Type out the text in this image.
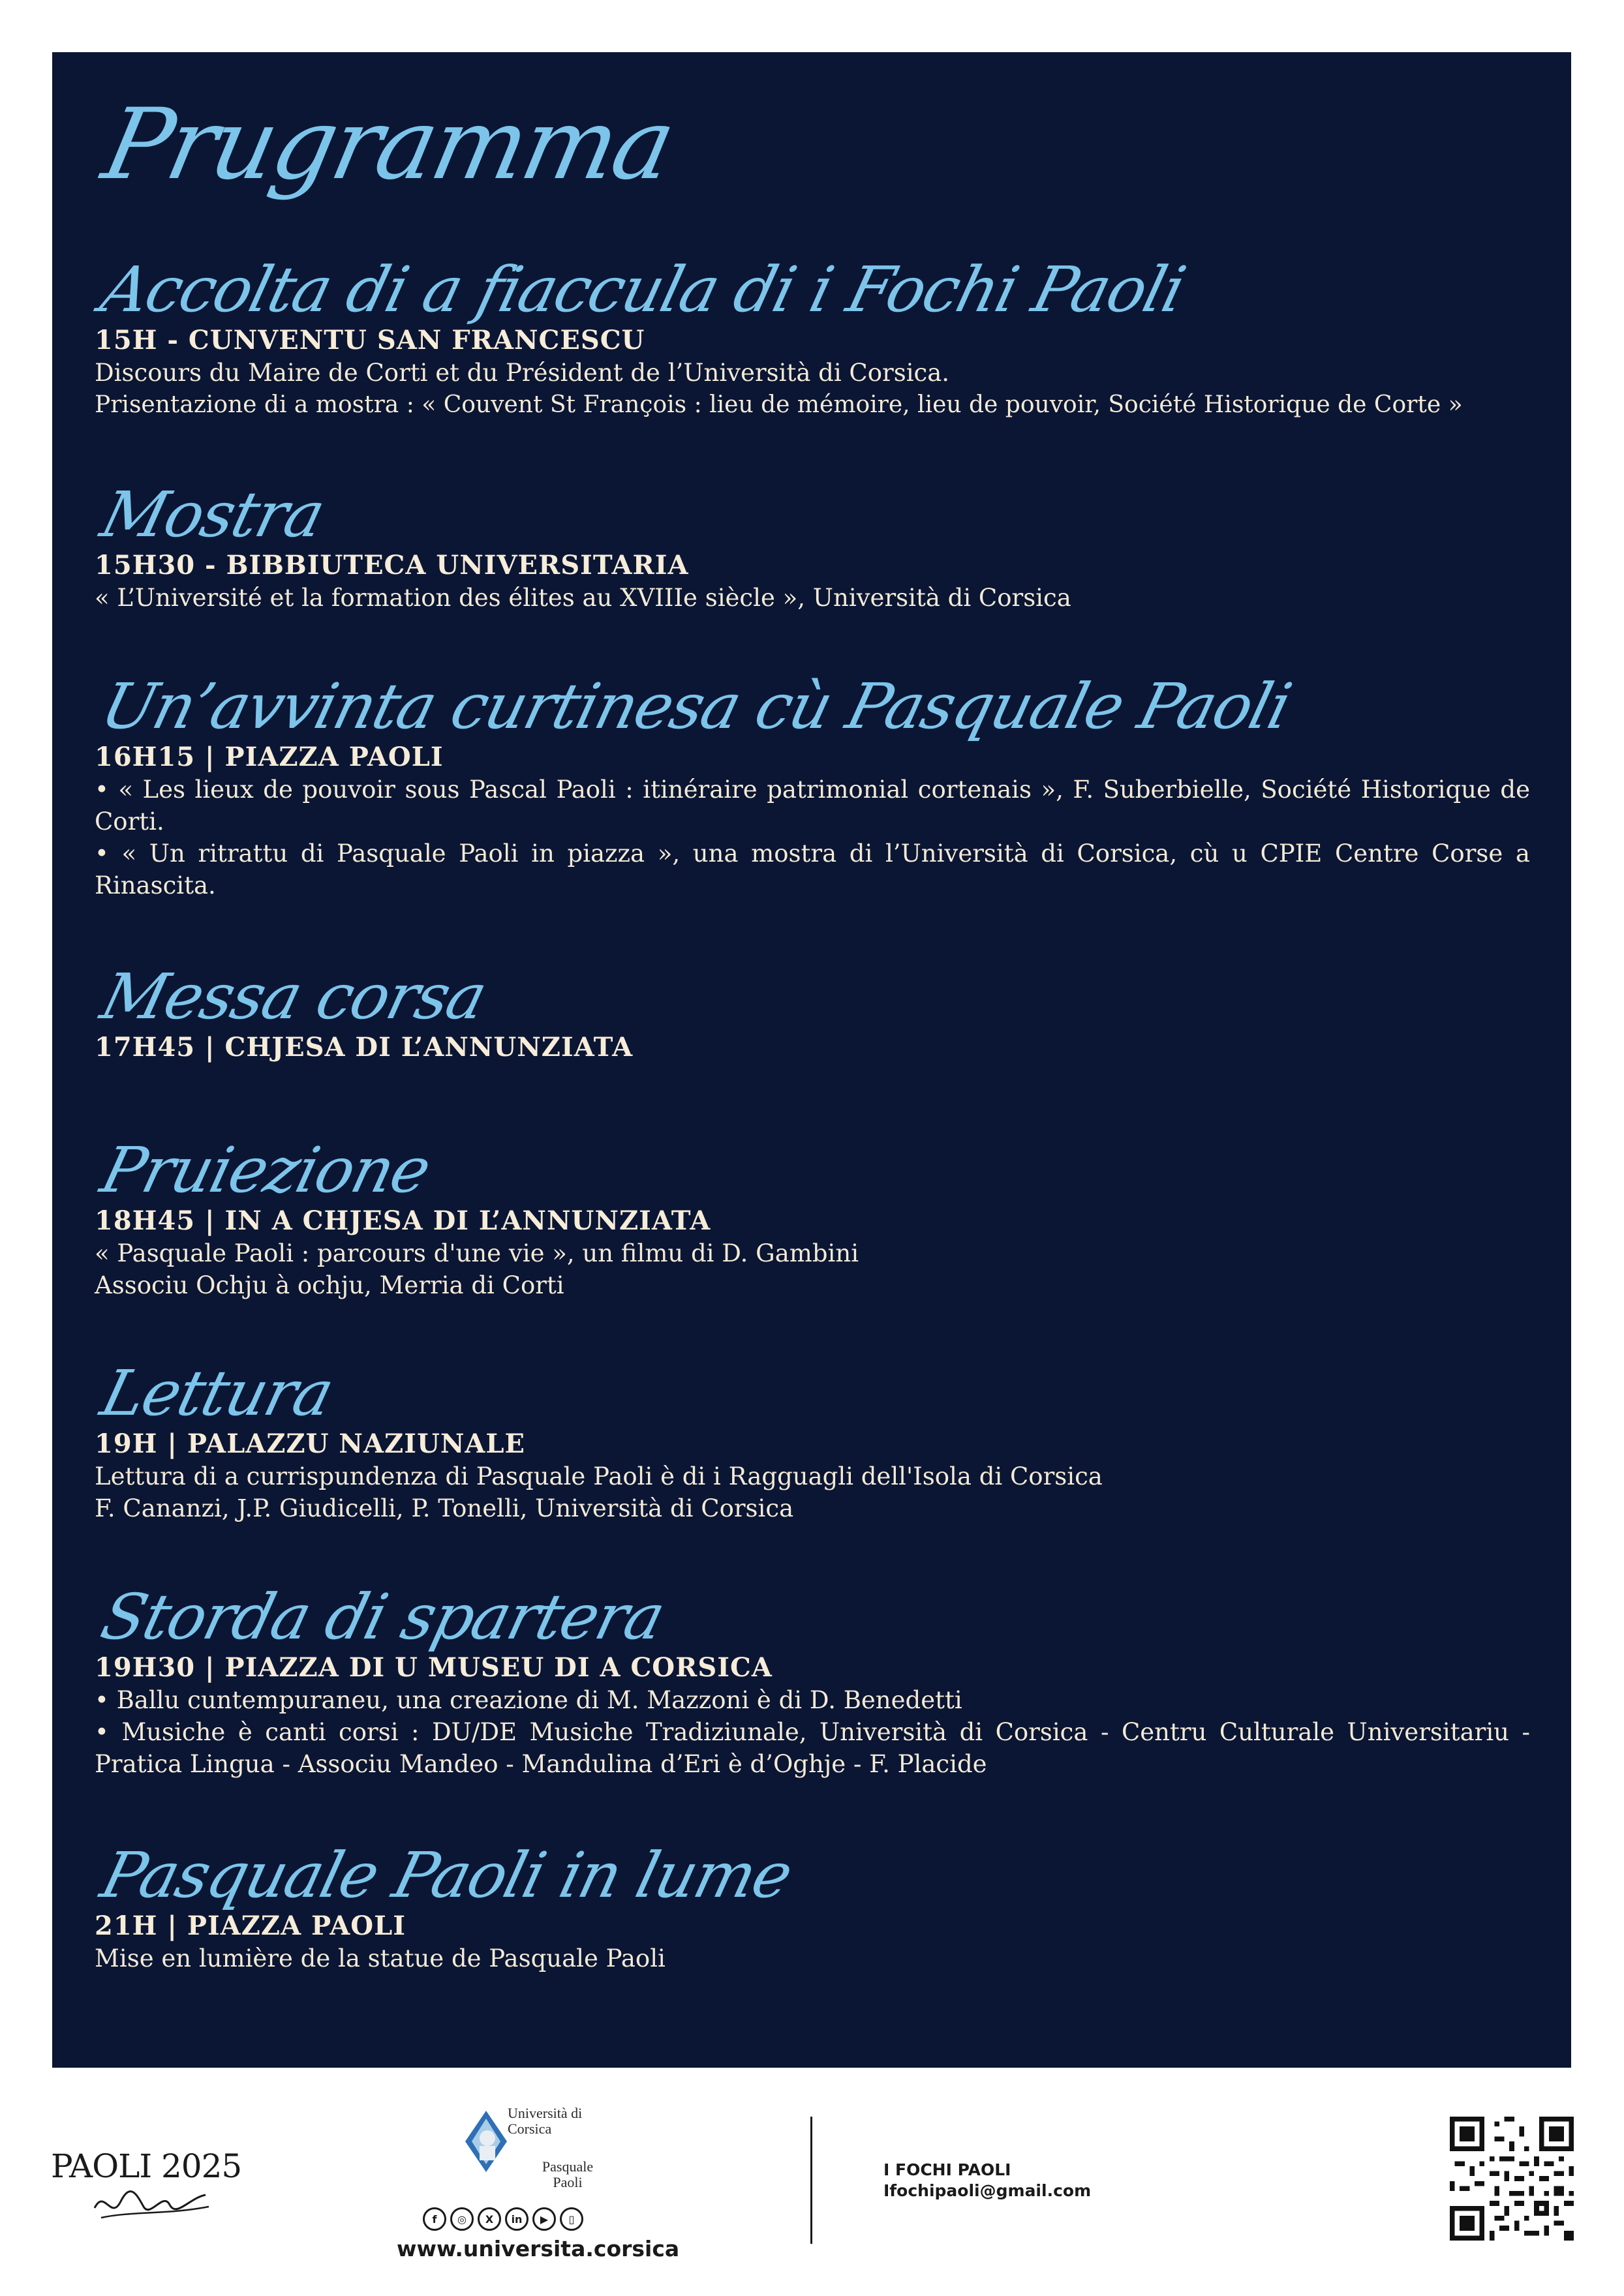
Prugramma
Accolta di a fiaccula di i Fochi Paoli
15H - CUNVENTU SAN FRANCESCU
Discours du Maire de Corti et du Président de l’Università di Corsica.
Prisentazione di a mostra : « Couvent St François : lieu de mémoire, lieu de pouvoir, Société Historique de Corte »
Mostra
15H30 - BIBBIUTECA UNIVERSITARIA
« L’Université et la formation des élites au XVIIIe siècle », Università di Corsica
Un’avvinta curtinesa cù Pasquale Paoli
16H15 | PIAZZA PAOLI
• « Les lieux de pouvoir sous Pascal Paoli : itinéraire patrimonial cortenais », F. Suberbielle, Société Historique de Corti.
• « Un ritrattu di Pasquale Paoli in piazza », una mostra di l’Università di Corsica, cù u CPIE Centre Corse a Rinascita.
Messa corsa
17H45 | CHJESA DI L’ANNUNZIATA
Pruiezione
18H45 | IN A CHJESA DI L’ANNUNZIATA
« Pasquale Paoli : parcours d'une vie », un filmu di D. Gambini
Associu Ochju à ochju, Merria di Corti
Lettura
19H | PALAZZU NAZIUNALE
Lettura di a currispundenza di Pasquale Paoli è di i Ragguagli dell'Isola di Corsica
F. Cananzi, J.P. Giudicelli, P. Tonelli, Università di Corsica
Storda di spartera
19H30 | PIAZZA DI U MUSEU DI A CORSICA
• Ballu cuntempuraneu, una creazione di M. Mazzoni è di D. Benedetti
• Musiche è canti corsi : DU/DE Musiche Tradiziunale, Università di Corsica - Centru Culturale Universitariu - Pratica Lingua - Associu Mandeo - Mandulina d’Eri è d’Oghje - F. Placide
Pasquale Paoli in lume
21H | PIAZZA PAOLI
Mise en lumière de la statue de Pasquale Paoli
PAOLI 2025
Università di Corsica
Pasquale Paoli
f	◎	X	in	▶	▯
www.universita.corsica
I FOCHI PAOLI
Ifochipaoli@gmail.com
